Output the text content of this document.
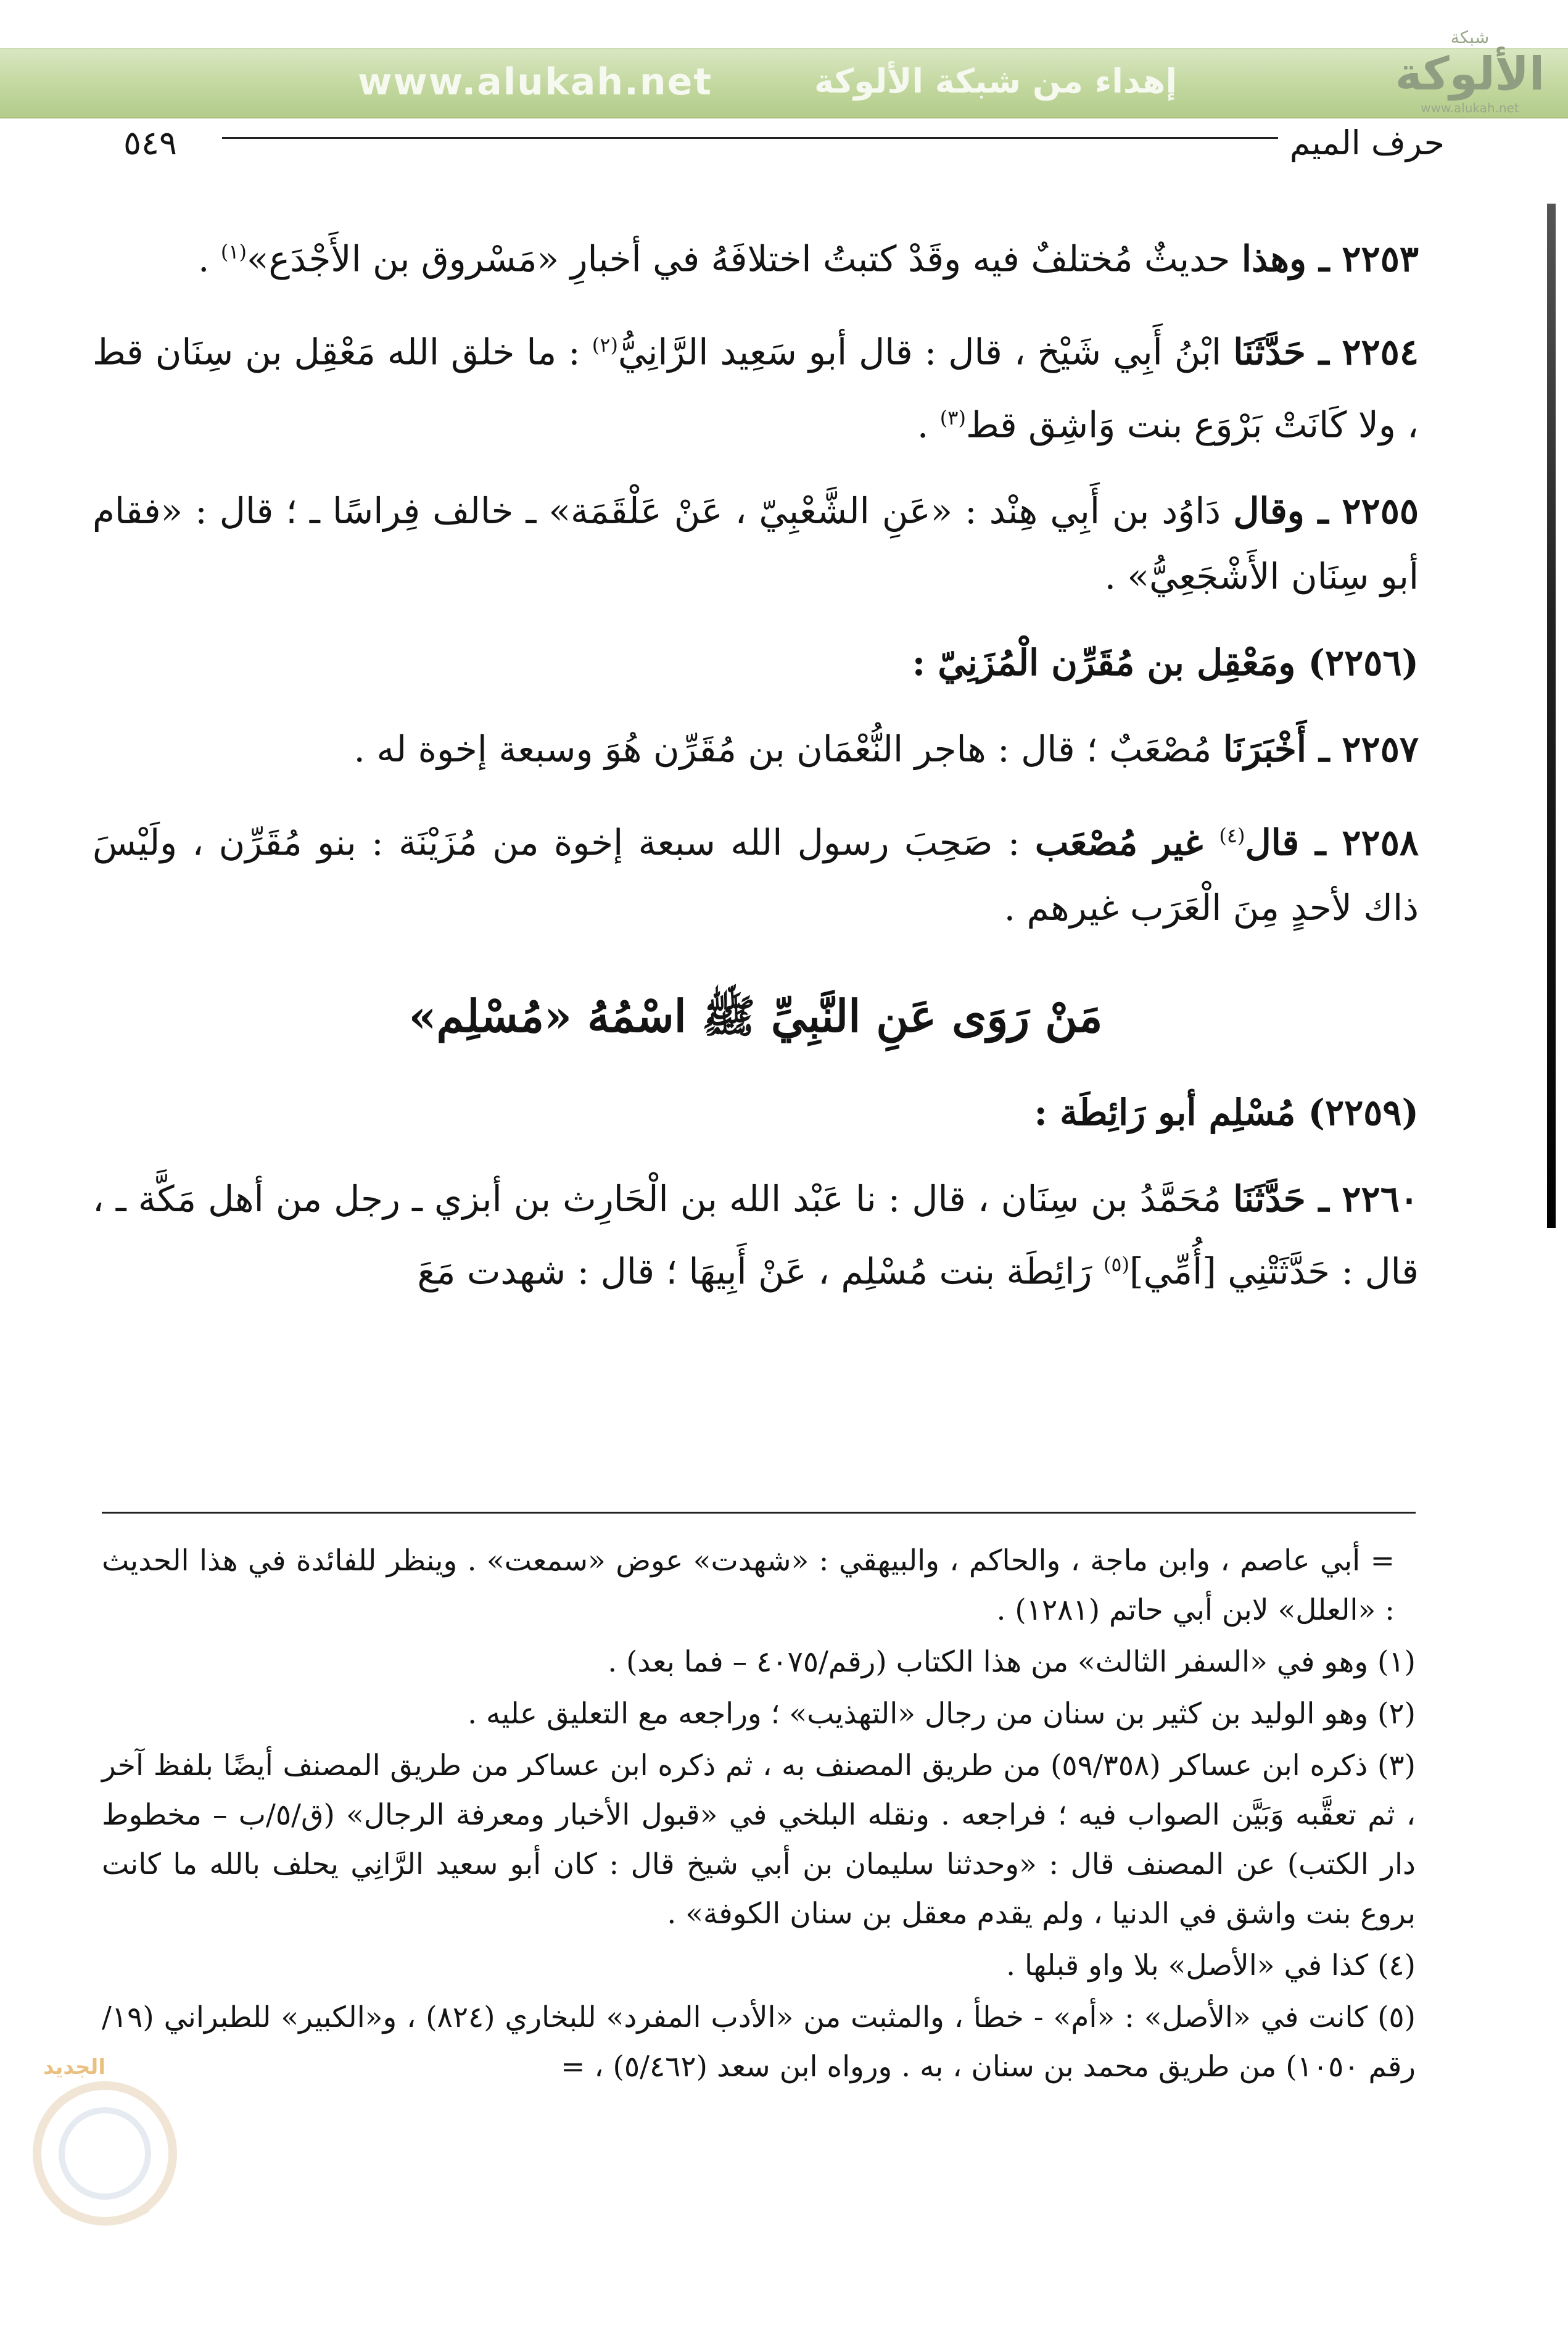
www.alukah.net	إهداء من شبكة الألوكة
شبكة
الألوكة
www.alukah.net
حرف الميم
٥٤٩

٢٢٥٣ ـ وهذا حديثٌ مُختلفٌ فيه وقَدْ كتبتُ اختلافَهُ في أخبارِ «مَسْروق بن الأَجْدَع»$^{(١)}$ .

٢٢٥٤ ـ حَدَّثَنَا ابْنُ أَبِي شَيْخ ، قال : قال أبو سَعِيد الرَّانِيُّ$^{(٢)}$ : ما خلق الله مَعْقِل بن سِنَان قط ، ولا كَانَتْ بَرْوَع بنت وَاشِق قط$^{(٣)}$ .

٢٢٥٥ ـ وقال دَاوُد بن أَبِي هِنْد : «عَنِ الشَّعْبِيّ ، عَنْ عَلْقَمَة» ـ خالف فِراسًا ـ ؛ قال : «فقام أبو سِنَان الأَشْجَعِيُّ» .

(٢٢٥٦) ومَعْقِل بن مُقَرِّن الْمُزَنِيّ :

٢٢٥٧ ـ أَخْبَرَنَا مُصْعَبٌ ؛ قال : هاجر النُّعْمَان بن مُقَرِّن هُوَ وسبعة إخوة له .

٢٢٥٨ ـ قال$^{(٤)}$ غير مُصْعَب : صَحِبَ رسول الله سبعة إخوة من مُزَيْنَة : بنو مُقَرِّن ، ولَيْسَ ذاك لأحدٍ مِنَ الْعَرَب غيرهم .

مَنْ رَوَى عَنِ النَّبِيِّ ﷺ اسْمُهُ «مُسْلِم»

(٢٢٥٩) مُسْلِم أبو رَائِطَة :

٢٢٦٠ ـ حَدَّثَنَا مُحَمَّدُ بن سِنَان ، قال : نا عَبْد الله بن الْحَارِث بن أبزي ـ رجل من أهل مَكَّة ـ ، قال : حَدَّثَتْنِي [أُمِّي]$^{(٥)}$ رَائِطَة بنت مُسْلِم ، عَنْ أَبِيهَا ؛ قال : شهدت مَعَ

= أبي عاصم ، وابن ماجة ، والحاكم ، والبيهقي : «شهدت» عوض «سمعت» . وينظر للفائدة في هذا الحديث : «العلل» لابن أبي حاتم (١٢٨١) .

(١) وهو في «السفر الثالث» من هذا الكتاب (رقم/٤٠٧٥ – فما بعد) .

(٢) وهو الوليد بن كثير بن سنان من رجال «التهذيب» ؛ وراجعه مع التعليق عليه .

(٣) ذكره ابن عساكر (٥٩/٣٥٨) من طريق المصنف به ، ثم ذكره ابن عساكر من طريق المصنف أيضًا بلفظ آخر ، ثم تعقَّبه وَبَيَّن الصواب فيه ؛ فراجعه . ونقله البلخي في «قبول الأخبار ومعرفة الرجال» (ق/٥/ب – مخطوط دار الكتب) عن المصنف قال : «وحدثنا سليمان بن أبي شيخ قال : كان أبو سعيد الرَّانِي يحلف بالله ما كانت بروع بنت واشق في الدنيا ، ولم يقدم معقل بن سنان الكوفة» .

(٤) كذا في «الأصل» بلا واو قبلها .

(٥) كانت في «الأصل» : «أم» - خطأ ، والمثبت من «الأدب المفرد» للبخاري (٨٢٤) ، و«الكبير» للطبراني (١٩/ رقم ١٠٥٠) من طريق محمد بن سنان ، به . ورواه ابن سعد (٥/٤٦٢) ، =

الجديد
